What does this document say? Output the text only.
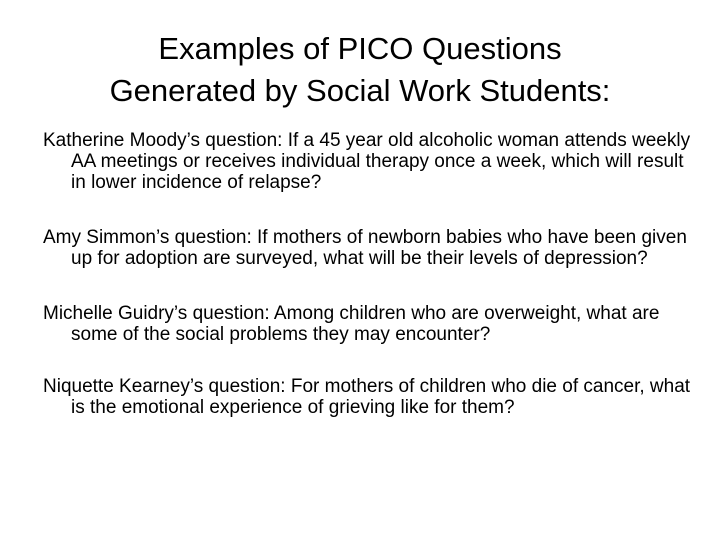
Examples of PICO Questions
Generated by Social Work Students:
Katherine Moody’s question: If a 45 year old alcoholic woman attends weekly AA meetings or receives individual therapy once a week, which will result in lower incidence of relapse?
Amy Simmon’s question: If mothers of newborn babies who have been given up for adoption are surveyed, what will be their levels of depression?
Michelle Guidry’s question: Among children who are overweight, what are some of the social problems they may encounter?
Niquette Kearney’s question: For mothers of children who die of cancer, what is the emotional experience of grieving like for them?
